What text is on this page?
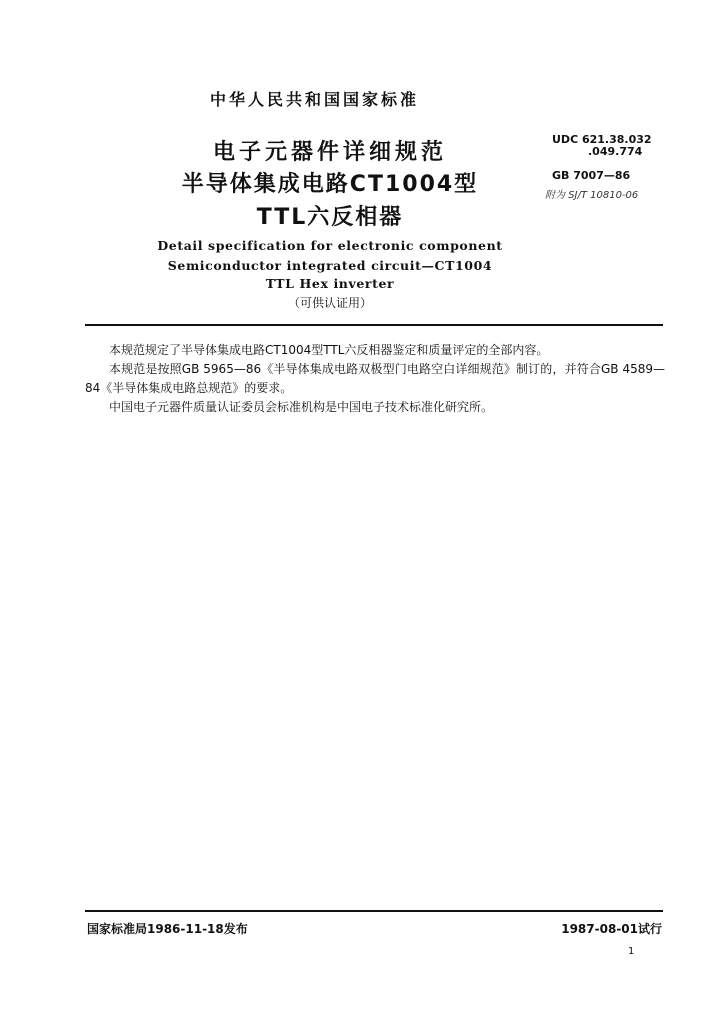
中华人民共和国国家标准
电子元器件详细规范
半导体集成电路CT1004型
TTL六反相器
UDC 621.38.032
.049.774
GB 7007—86
附为 SJ/T 10810-06
Detail specification for electronic component
Semiconductor integrated circuit—CT1004
TTL Hex inverter
（可供认证用）

本规范规定了半导体集成电路CT1004型TTL六反相器鉴定和质量评定的全部内容。

本规范是按照GB 5965—86《半导体集成电路双极型门电路空白详细规范》制订的，并符合GB 4589—84《半导体集成电路总规范》的要求。

中国电子元器件质量认证委员会标准机构是中国电子技术标准化研究所。

国家标准局1986-11-18发布	1987-08-01试行
1
